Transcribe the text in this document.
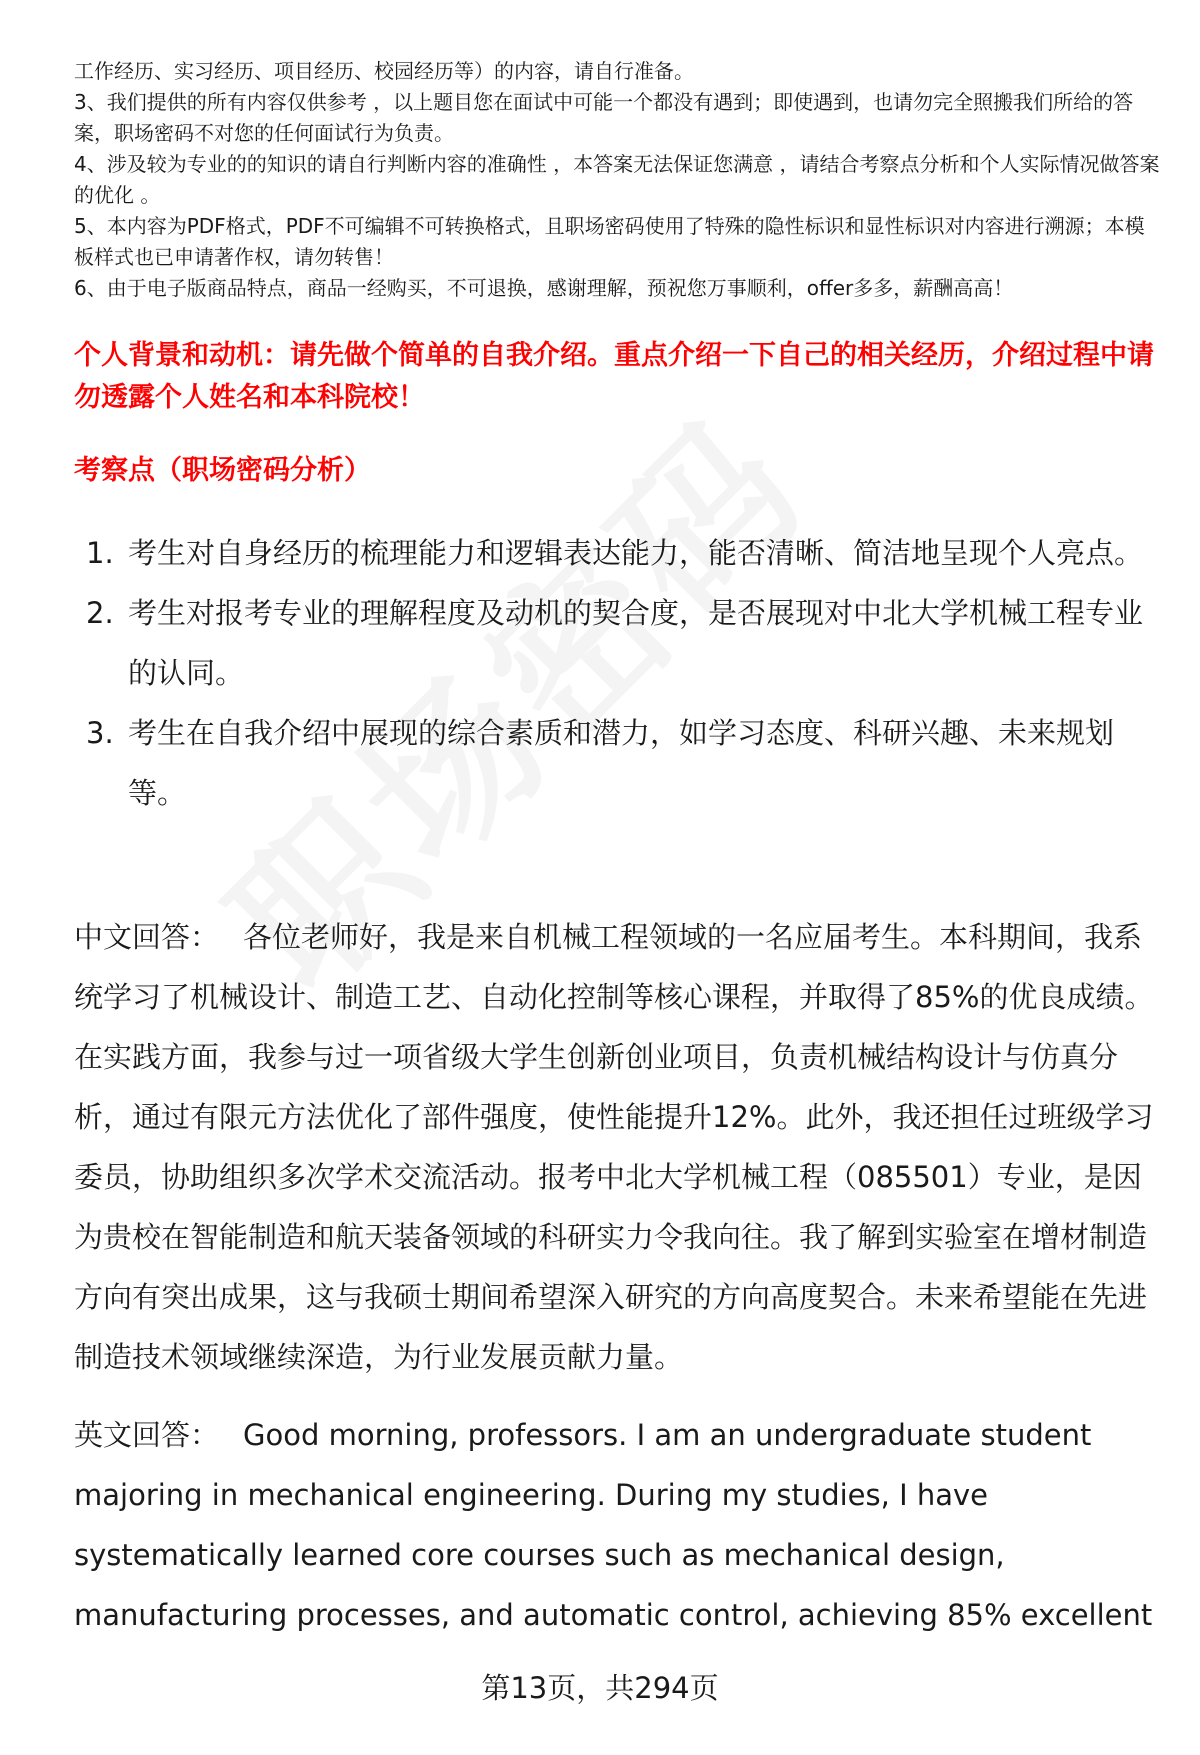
工作经历、实习经历、项目经历、校园经历等）的内容，请自行准备。

3、我们提供的所有内容仅供参考 ，以上题目您在面试中可能一个都没有遇到；即使遇到，也请勿完全照搬我们所给的答案，职场密码不对您的任何面试行为负责。

4、涉及较为专业的的知识的请自行判断内容的准确性 ，本答案无法保证您满意 ，请结合考察点分析和个人实际情况做答案的优化 。

5、本内容为PDF格式，PDF不可编辑不可转换格式，且职场密码使用了特殊的隐性标识和显性标识对内容进行溯源；本模板样式也已申请著作权，请勿转售！

6、由于电子版商品特点，商品一经购买，不可退换，感谢理解，预祝您万事顺利，offer多多，薪酬高高！

个人背景和动机：请先做个简单的自我介绍。重点介绍一下自己的相关经历，介绍过程中请勿透露个人姓名和本科院校！
考察点（职场密码分析）
1. 考生对自身经历的梳理能力和逻辑表达能力，能否清晰、简洁地呈现个人亮点。
2. 考生对报考专业的理解程度及动机的契合度，是否展现对中北大学机械工程专业的认同。
3. 考生在自我介绍中展现的综合素质和潜力，如学习态度、科研兴趣、未来规划等。

中文回答： 各位老师好，我是来自机械工程领域的一名应届考生。本科期间，我系统学习了机械设计、制造工艺、自动化控制等核心课程，并取得了85%的优良成绩。在实践方面，我参与过一项省级大学生创新创业项目，负责机械结构设计与仿真分析，通过有限元方法优化了部件强度，使性能提升12%。此外，我还担任过班级学习委员，协助组织多次学术交流活动。报考中北大学机械工程（085501）专业，是因为贵校在智能制造和航天装备领域的科研实力令我向往。我了解到实验室在增材制造方向有突出成果，这与我硕士期间希望深入研究的方向高度契合。未来希望能在先进制造技术领域继续深造，为行业发展贡献力量。

英文回答： Good morning, professors. I am an undergraduate student majoring in mechanical engineering. During my studies, I have systematically learned core courses such as mechanical design, manufacturing processes, and automatic control, achieving 85% excellent

第13页，共294页
